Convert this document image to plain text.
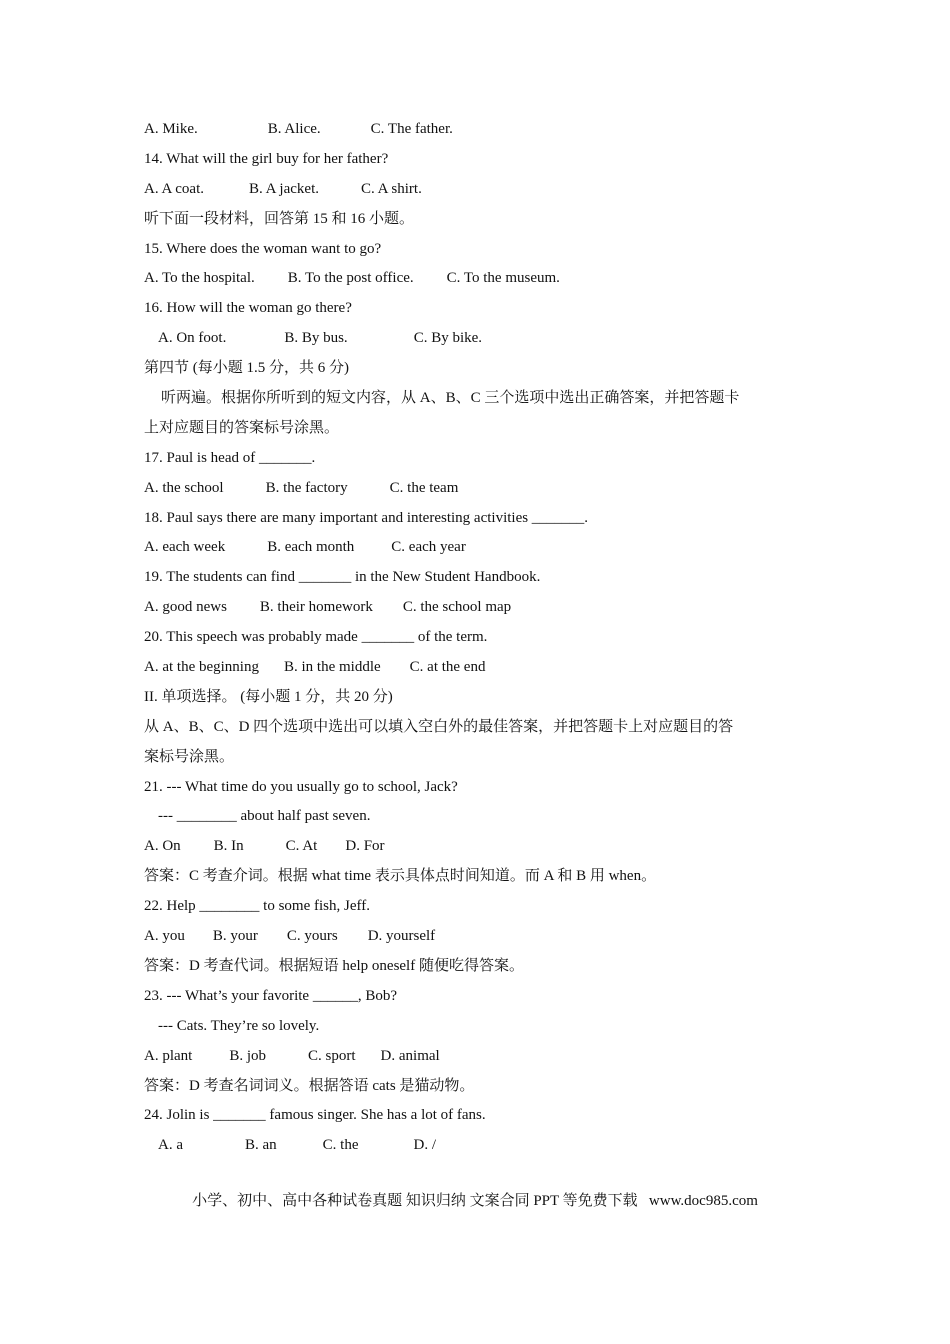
A. Mike.	B. Alice.	C. The father.
14. What will the girl buy for her father?
A. A coat.	B. A jacket.	C. A shirt.
听下面一段材料，回答第 15 和 16 小题。
15. Where does the woman want to go?
A. To the hospital. B. To the post office. C. To the museum.
16. How will the woman go there?
A. On foot.	B. By bus.	C. By bike.
第四节 (每小题 1.5 分，共 6 分)
听两遍。根据你所听到的短文内容，从 A、B、C 三个选项中选出正确答案，并把答题卡
上对应题目的答案标号涂黑。
17. Paul is head of _______.
A. the school	B. the factory	C. the team
18. Paul says there are many important and interesting activities _______.
A. each week	B. each month C. each year
19. The students can find _______ in the New Student Handbook.
A. good news B. their homework C. the school map
20. This speech was probably made _______ of the term.
A. at the beginning B. in the middle C. at the end
II. 单项选择。 (每小题 1 分，共 20 分)
从 A、B、C、D 四个选项中选出可以填入空白外的最佳答案，并把答题卡上对应题目的答
案标号涂黑。
21. --- What time do you usually go to school, Jack?
--- ________ about half past seven.
A. On B. In	C. At D. For
答案：C 考查介词。根据 what time 表示具体点时间知道。而 A 和 B 用 when。
22. Help ________ to some fish, Jeff.
A. you B. your C. yours D. yourself
答案：D 考查代词。根据短语 help oneself 随便吃得答案。
23. --- What’s your favorite ______, Bob?
--- Cats. They’re so lovely.
A. plant B. job	C. sport D. animal
答案：D 考查名词词义。根据答语 cats 是猫动物。
24. Jolin is _______ famous singer. She has a lot of fans.
A. a	B. an	C. the	D. /
小学、初中、高中各种试卷真题 知识归纳 文案合同 PPT 等免费下载   www.doc985.com
